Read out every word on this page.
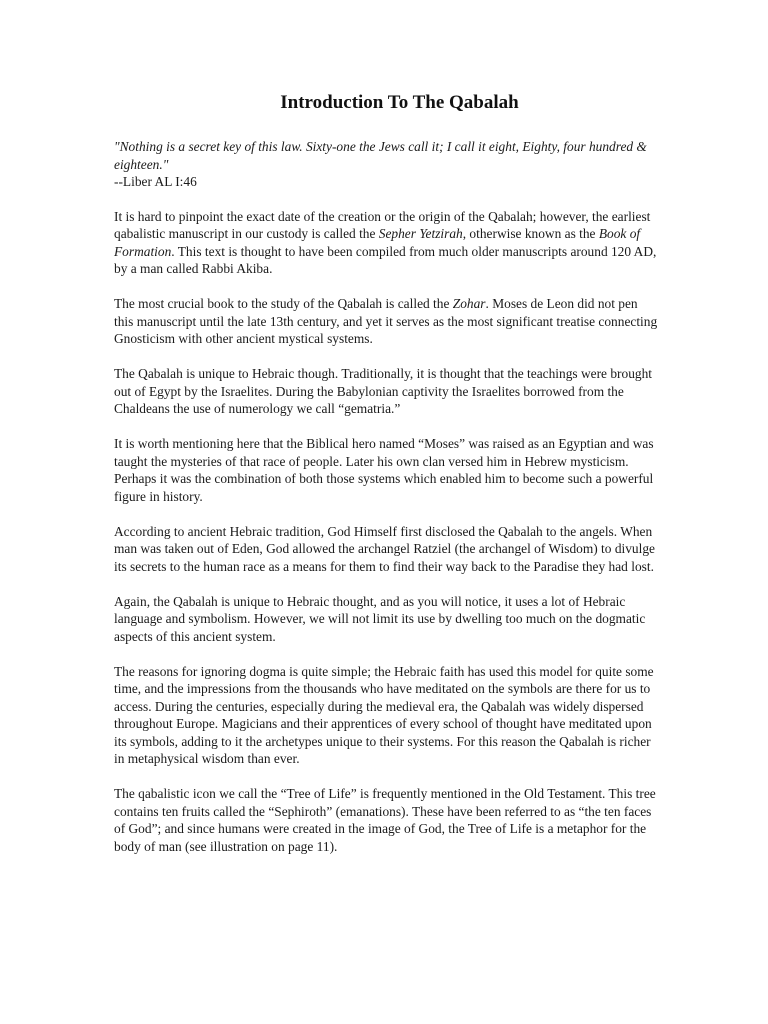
Introduction To The Qabalah
"Nothing is a secret key of this law. Sixty-one the Jews call it; I call it eight, Eighty, four hundred & eighteen."
--Liber AL I:46

It is hard to pinpoint the exact date of the creation or the origin of the Qabalah; however, the earliest qabalistic manuscript in our custody is called the Sepher Yetzirah, otherwise known as the Book of Formation. This text is thought to have been compiled from much older manuscripts around 120 AD, by a man called Rabbi Akiba.

The most crucial book to the study of the Qabalah is called the Zohar. Moses de Leon did not pen this manuscript until the late 13th century, and yet it serves as the most significant treatise connecting Gnosticism with other ancient mystical systems.

The Qabalah is unique to Hebraic though. Traditionally, it is thought that the teachings were brought out of Egypt by the Israelites. During the Babylonian captivity the Israelites borrowed from the Chaldeans the use of numerology we call “gematria.”

It is worth mentioning here that the Biblical hero named “Moses” was raised as an Egyptian and was taught the mysteries of that race of people. Later his own clan versed him in Hebrew mysticism. Perhaps it was the combination of both those systems which enabled him to become such a powerful figure in history.

According to ancient Hebraic tradition, God Himself first disclosed the Qabalah to the angels. When man was taken out of Eden, God allowed the archangel Ratziel (the archangel of Wisdom) to divulge its secrets to the human race as a means for them to find their way back to the Paradise they had lost.

Again, the Qabalah is unique to Hebraic thought, and as you will notice, it uses a lot of Hebraic language and symbolism. However, we will not limit its use by dwelling too much on the dogmatic aspects of this ancient system.

The reasons for ignoring dogma is quite simple; the Hebraic faith has used this model for quite some time, and the impressions from the thousands who have meditated on the symbols are there for us to access. During the centuries, especially during the medieval era, the Qabalah was widely dispersed throughout Europe. Magicians and their apprentices of every school of thought have meditated upon its symbols, adding to it the archetypes unique to their systems. For this reason the Qabalah is richer in metaphysical wisdom than ever.

The qabalistic icon we call the “Tree of Life” is frequently mentioned in the Old Testament. This tree contains ten fruits called the “Sephiroth” (emanations). These have been referred to as “the ten faces of God”; and since humans were created in the image of God, the Tree of Life is a metaphor for the body of man (see illustration on page 11).
